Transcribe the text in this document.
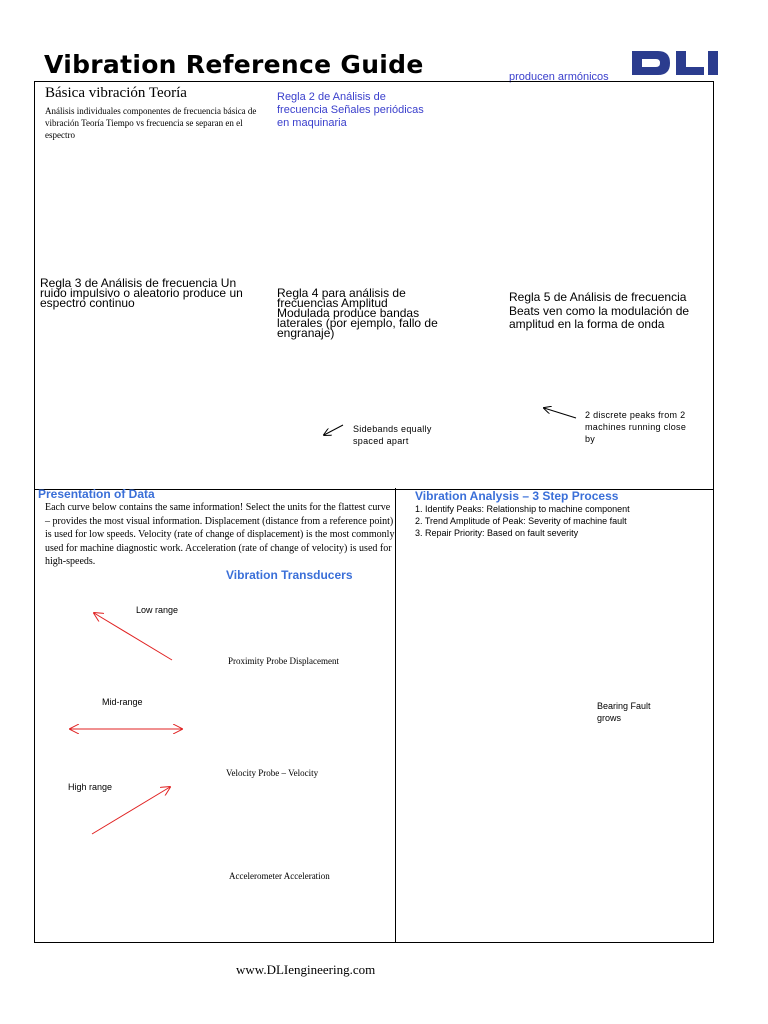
Vibration Reference Guide	producen armónicos
Básica vibración Teoría
Análisis individuales componentes de frecuencia básica de vibración Teoría Tiempo vs frecuencia se separan en el espectro
Regla 2 de Análisis de frecuencia Señales periódicas en maquinaria
Regla 3 de Análisis de frecuencia Un ruido impulsivo o aleatorio produce un espectro continuo
Regla 4 para análisis de frecuencias Amplitud Modulada produce bandas laterales (por ejemplo, fallo de engranaje)
Regla 5 de Análisis de frecuencia Beats ven como la modulación de amplitud en la forma de onda
Sidebands equally spaced apart
2 discrete peaks from 2 machines running close by
Presentation of Data
Each curve below contains the same information! Select the units for the flattest curve – provides the most visual information. Displacement (distance from a reference point) is used for low speeds. Velocity (rate of change of displacement) is the most commonly used for machine diagnostic work. Acceleration (rate of change of velocity) is used for high-speeds.
Vibration Transducers
Low range
Mid-range
High range
Proximity Probe Displacement
Velocity Probe – Velocity
Accelerometer Acceleration
Vibration Analysis – 3 Step Process
1. Identify Peaks: Relationship to machine component
2. Trend Amplitude of Peak: Severity of machine fault
3. Repair Priority: Based on fault severity
Bearing Fault grows
www.DLIengineering.com
